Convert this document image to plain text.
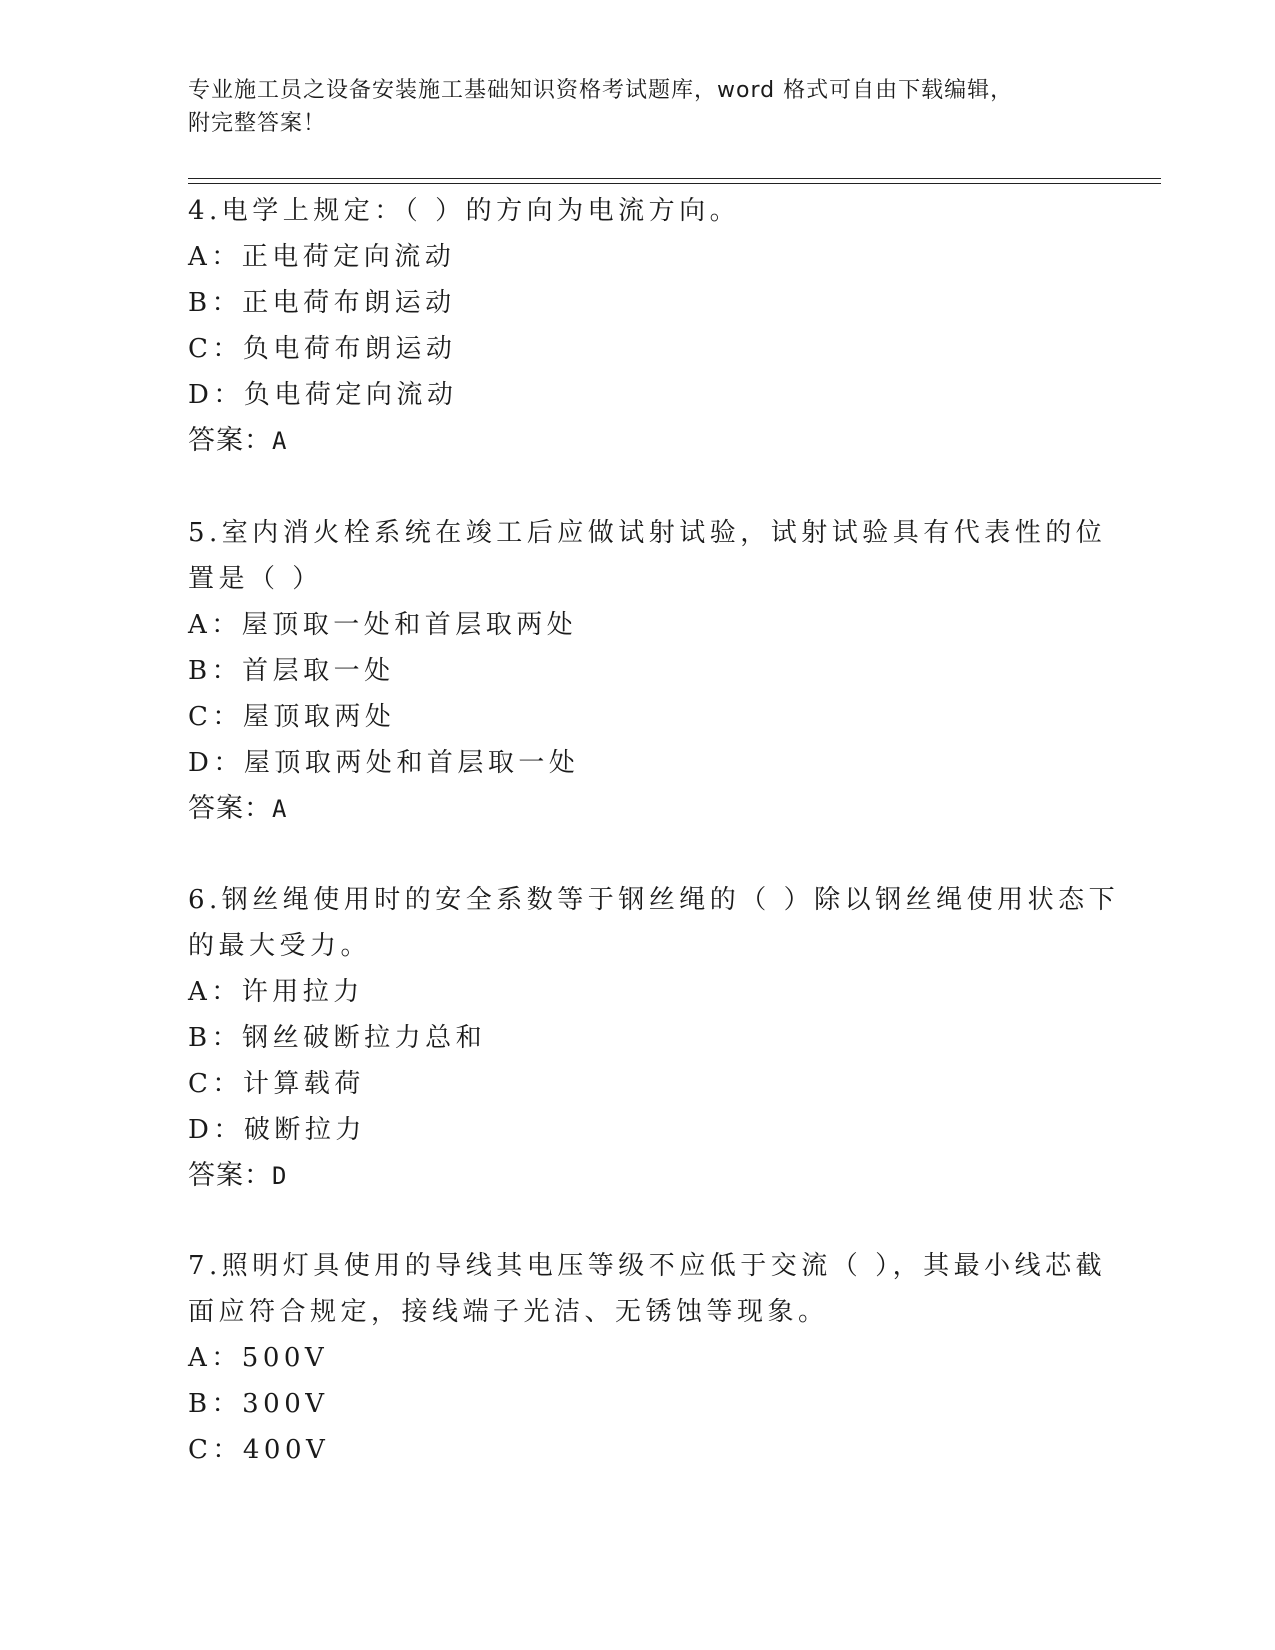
专业施工员之设备安装施工基础知识资格考试题库，word 格式可自由下载编辑，
附完整答案！
4.电学上规定：（ ）的方向为电流方向。
A：正电荷定向流动
B：正电荷布朗运动
C：负电荷布朗运动
D：负电荷定向流动
答案：A
5.室内消火栓系统在竣工后应做试射试验，试射试验具有代表性的位
置是（ ）
A：屋顶取一处和首层取两处
B：首层取一处
C：屋顶取两处
D：屋顶取两处和首层取一处
答案：A
6.钢丝绳使用时的安全系数等于钢丝绳的（ ）除以钢丝绳使用状态下
的最大受力。
A：许用拉力
B：钢丝破断拉力总和
C：计算载荷
D：破断拉力
答案：D
7.照明灯具使用的导线其电压等级不应低于交流（ ），其最小线芯截
面应符合规定，接线端子光洁、无锈蚀等现象。
A：500V
B：300V
C：400V
